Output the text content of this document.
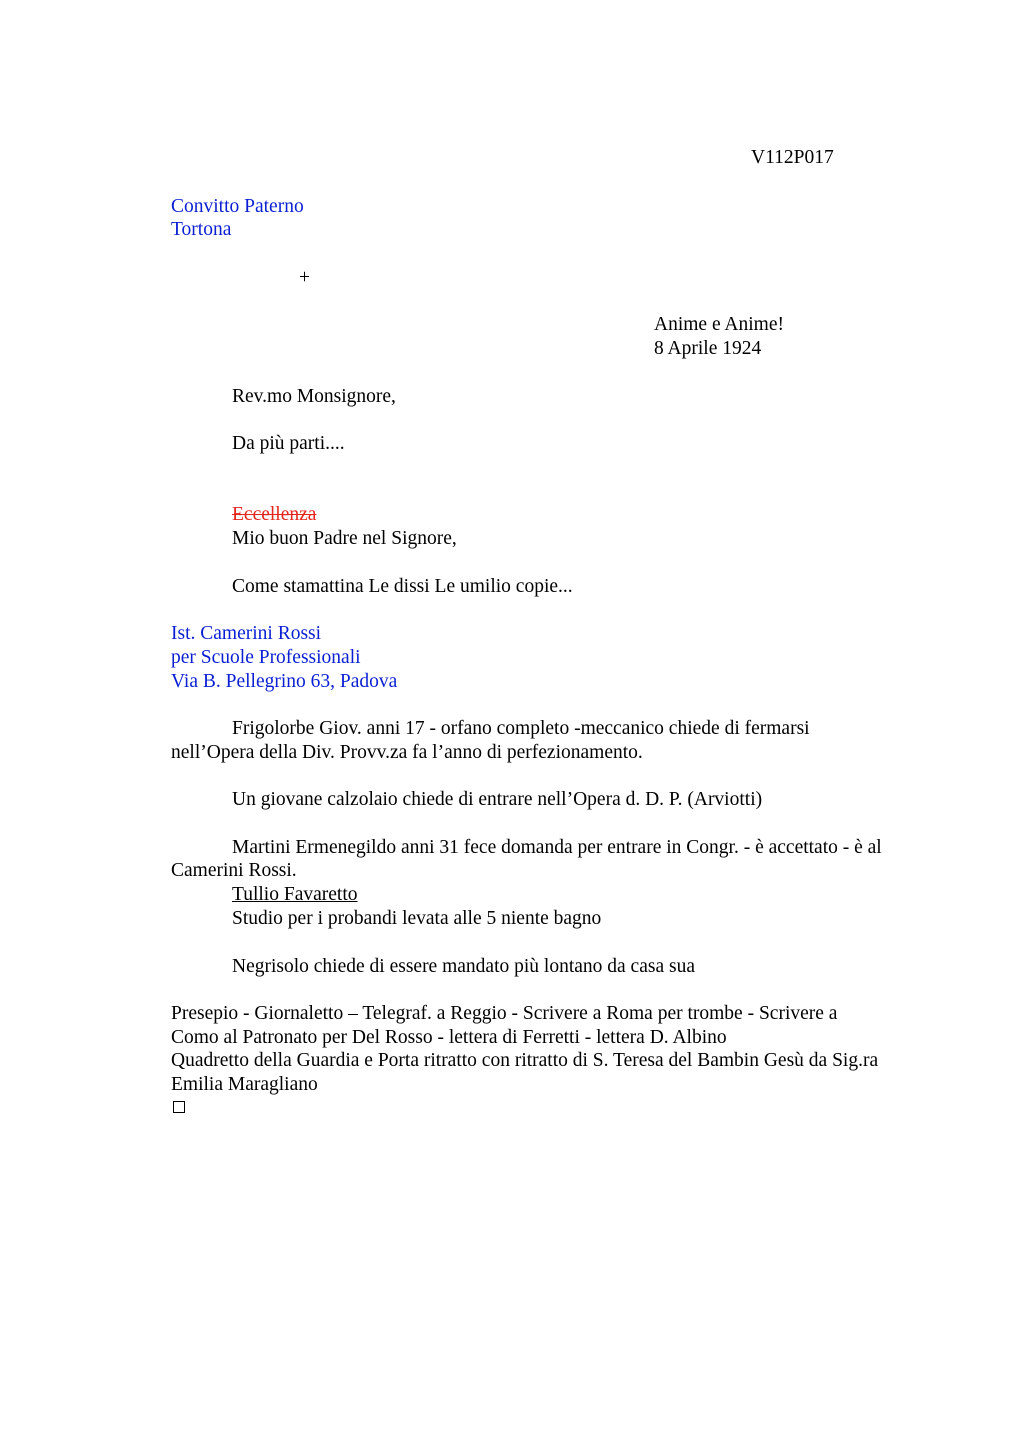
V112P017
Convitto Paterno
Tortona
+
Anime e Anime!
8 Aprile 1924
Rev.mo Monsignore,
Da più parti....
Eccellenza
Mio buon Padre nel Signore,
Come stamattina Le dissi Le umilio copie...
Ist. Camerini Rossi
per Scuole Professionali
Via B. Pellegrino 63, Padova
Frigolorbe Giov. anni 17 - orfano completo -meccanico chiede di fermarsi
nell’Opera della Div. Provv.za fa l’anno di perfezionamento.
Un giovane calzolaio chiede di entrare nell’Opera d. D. P. (Arviotti)
Martini Ermenegildo anni 31 fece domanda per entrare in Congr. - è accettato - è al
Camerini Rossi.
Tullio Favaretto
Studio per i probandi levata alle 5 niente bagno
Negrisolo chiede di essere mandato più lontano da casa sua
Presepio - Giornaletto – Telegraf. a Reggio - Scrivere a Roma per trombe - Scrivere a
Como al Patronato per Del Rosso - lettera di Ferretti - lettera D. Albino
Quadretto della Guardia e Porta ritratto con ritratto di S. Teresa del Bambin Gesù da Sig.ra
Emilia Maragliano
